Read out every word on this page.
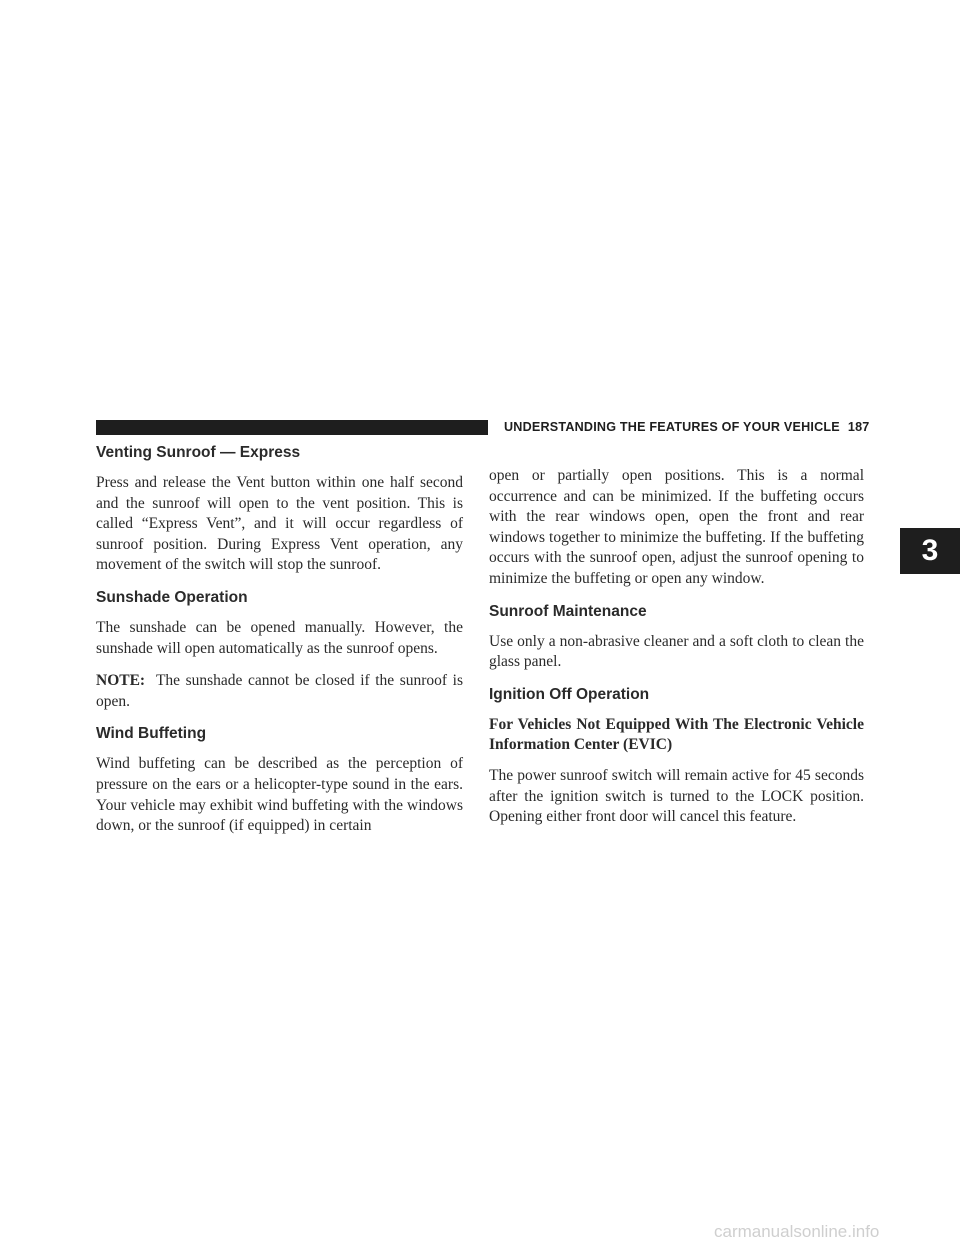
UNDERSTANDING THE FEATURES OF YOUR VEHICLE 187
Venting Sunroof — Express

Press and release the Vent button within one half second and the sunroof will open to the vent position. This is called “Express Vent”, and it will occur regardless of sunroof position. During Express Vent operation, any movement of the switch will stop the sunroof.

Sunshade Operation

The sunshade can be opened manually. However, the sunshade will open automatically as the sunroof opens.

NOTE: The sunshade cannot be closed if the sunroof is open.

Wind Buffeting

Wind buffeting can be described as the perception of pressure on the ears or a helicopter-type sound in the ears. Your vehicle may exhibit wind buffeting with the windows down, or the sunroof (if equipped) in certain

open or partially open positions. This is a normal occurrence and can be minimized. If the buffeting occurs with the rear windows open, open the front and rear windows together to minimize the buffeting. If the buffeting occurs with the sunroof open, adjust the sunroof opening to minimize the buffeting or open any window.

Sunroof Maintenance

Use only a non-abrasive cleaner and a soft cloth to clean the glass panel.

Ignition Off Operation

For Vehicles Not Equipped With The Electronic Vehicle Information Center (EVIC)

The power sunroof switch will remain active for 45 seconds after the ignition switch is turned to the LOCK position. Opening either front door will cancel this feature.

3
carmanualsonline.info
